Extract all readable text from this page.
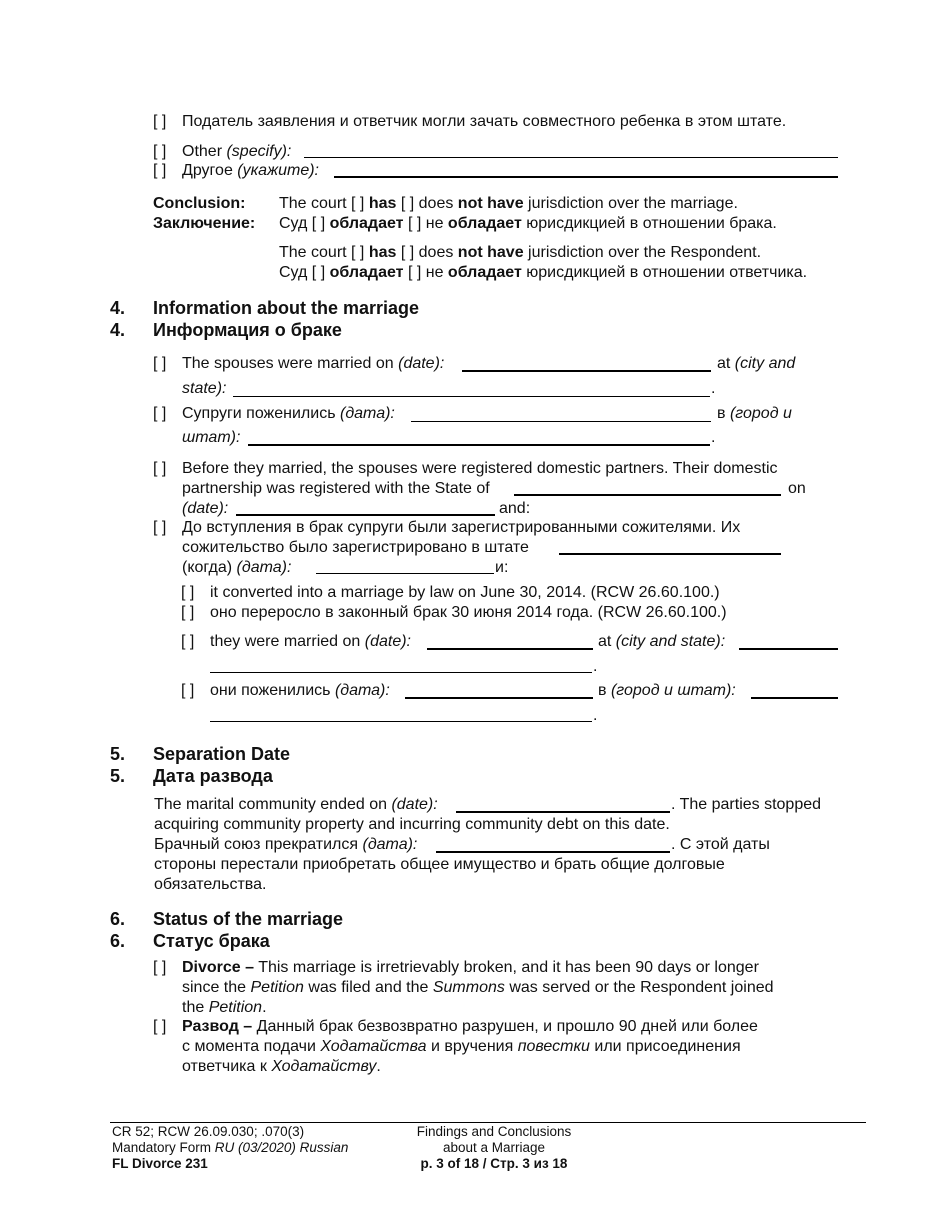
[ ] Податель заявления и ответчик могли зачать совместного ребенка в этом штате.
[ ] Other (specify):
[ ] Другое (укажите):
Conclusion:
Заключение:
The court [ ] has [ ] does not have jurisdiction over the marriage.
Суд [ ] обладает [ ] не обладает юрисдикцией в отношении брака.
The court [ ] has [ ] does not have jurisdiction over the Respondent.
Суд [ ] обладает [ ] не обладает юрисдикцией в отношении ответчика.
4. Information about the marriage
4. Информация о браке
[ ] The spouses were married on (date):	at (city and
state):	.
[ ] Супруги поженились (дата):	в (город и
штат):	.
[ ] Before they married, the spouses were registered domestic partners. Their domestic
partnership was registered with the State of	on
(date):	and:
[ ] До вступления в брак супруги были зарегистрированными сожителями. Их
сожительство было зарегистрировано в штате
(когда) (дата):	и:
[ ] it converted into a marriage by law on June 30, 2014. (RCW 26.60.100.)
[ ] оно переросло в законный брак 30 июня 2014 года. (RCW 26.60.100.)
[ ] they were married on (date):	at (city and state):
.
[ ] они поженились (дата):	в (город и штат):
.
5. Separation Date
5. Дата развода
The marital community ended on (date):	. The parties stopped
acquiring community property and incurring community debt on this date.
Брачный союз прекратился (дата):	. С этой даты
стороны перестали приобретать общее имущество и брать общие долговые
обязательства.
6. Status of the marriage
6. Статус брака
[ ] Divorce – This marriage is irretrievably broken, and it has been 90 days or longer
since the Petition was filed and the Summons was served or the Respondent joined
the Petition.
[ ] Развод – Данный брак безвозвратно разрушен, и прошло 90 дней или более
с момента подачи Ходатайства и вручения повестки или присоединения
ответчика к Ходатайству.
CR 52; RCW 26.09.030; .070(3)
Mandatory Form RU (03/2020) Russian
FL Divorce 231
Findings and Conclusions
about a Marriage
p. 3 of 18 / Стр. 3 из 18
